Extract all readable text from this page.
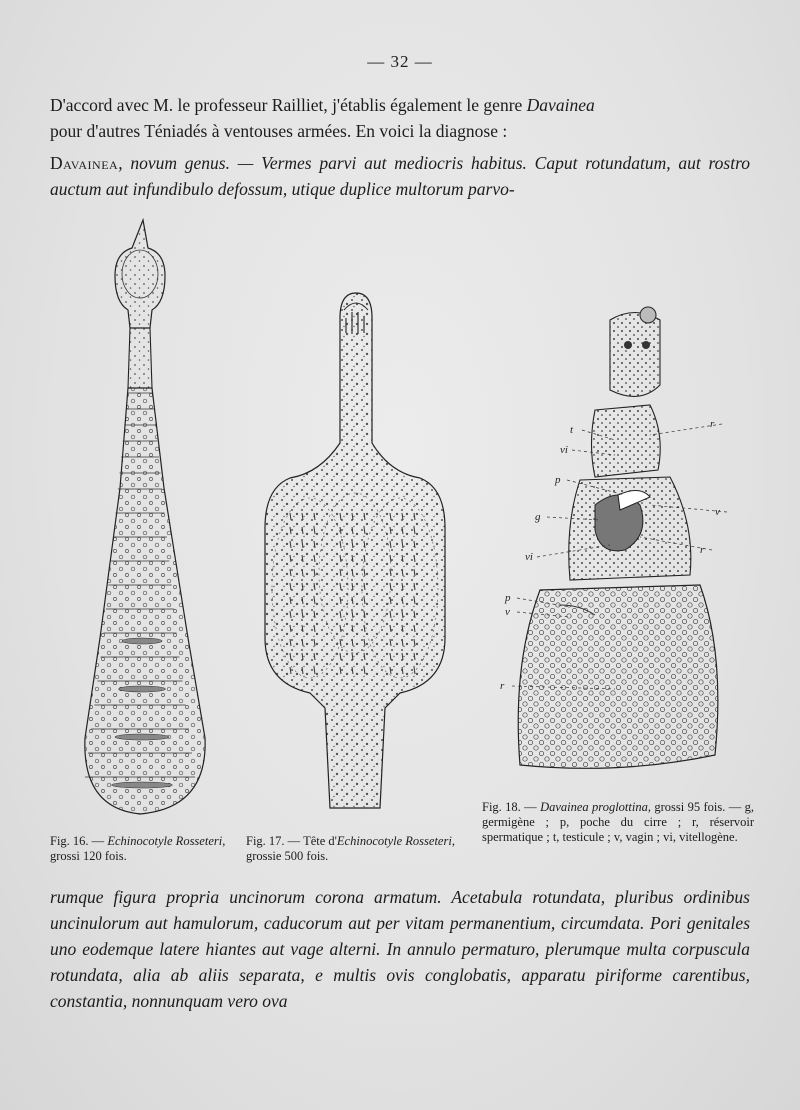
— 32 —

D'accord avec M. le professeur Railliet, j'établis également le genre Davainea

pour d'autres Téniadés à ventouses armées. En voici la diagnose :

Davainea, novum genus. — Vermes parvi aut mediocris habitus. Caput rotundatum, aut rostro auctum aut infundibulo defossum, utique duplice multorum parvo-

t	r
vi
p
v
g
r
vi
p
v
r
Fig. 16. — Echinocotyle Rosseteri, grossi 120 fois.
Fig. 17. — Tête d'Echinocotyle Rosseteri, grossie 500 fois.
Fig. 18. — Davainea proglottina, grossi 95 fois. — g, germigène ; p, poche du cirre ; r, réservoir spermatique ; t, testicule ; v, vagin ; vi, vitellogène.

rumque figura propria uncinorum corona armatum. Acetabula rotundata, pluribus ordinibus uncinulorum aut hamulorum, caducorum aut per vitam permanentium, circumdata. Pori genitales uno eodemque latere hiantes aut vage alterni. In annulo permaturo, plerumque multa corpuscula rotundata, alia ab aliis separata, e multis ovis conglobatis, apparatu piriforme carentibus, constantia, nonnunquam vero ova
